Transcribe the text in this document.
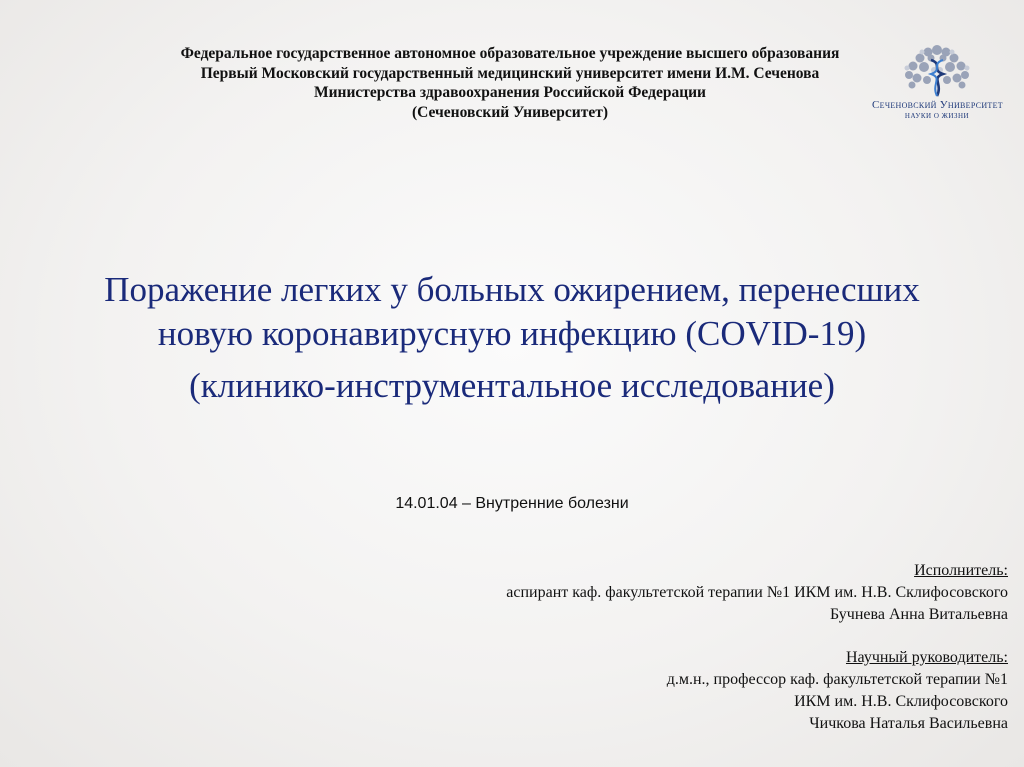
Федеральное государственное автономное образовательное учреждение высшего образования
Первый Московский государственный медицинский университет имени И.М. Сеченова
Министерства здравоохранения Российской Федерации
(Сеченовский Университет)	Сеченовский Университет
НАУКИ О ЖИЗНИ
Поражение легких у больных ожирением, перенесших
новую коронавирусную инфекцию (COVID-19)
(клинико-инструментальное исследование)
14.01.04 – Внутренние болезни
Исполнитель:
аспирант каф. факультетской терапии №1 ИКМ им. Н.В. Склифосовского
Бучнева Анна Витальевна
Научный руководитель:
д.м.н., профессор каф. факультетской терапии №1
ИКМ им. Н.В. Склифосовского
Чичкова Наталья Васильевна
